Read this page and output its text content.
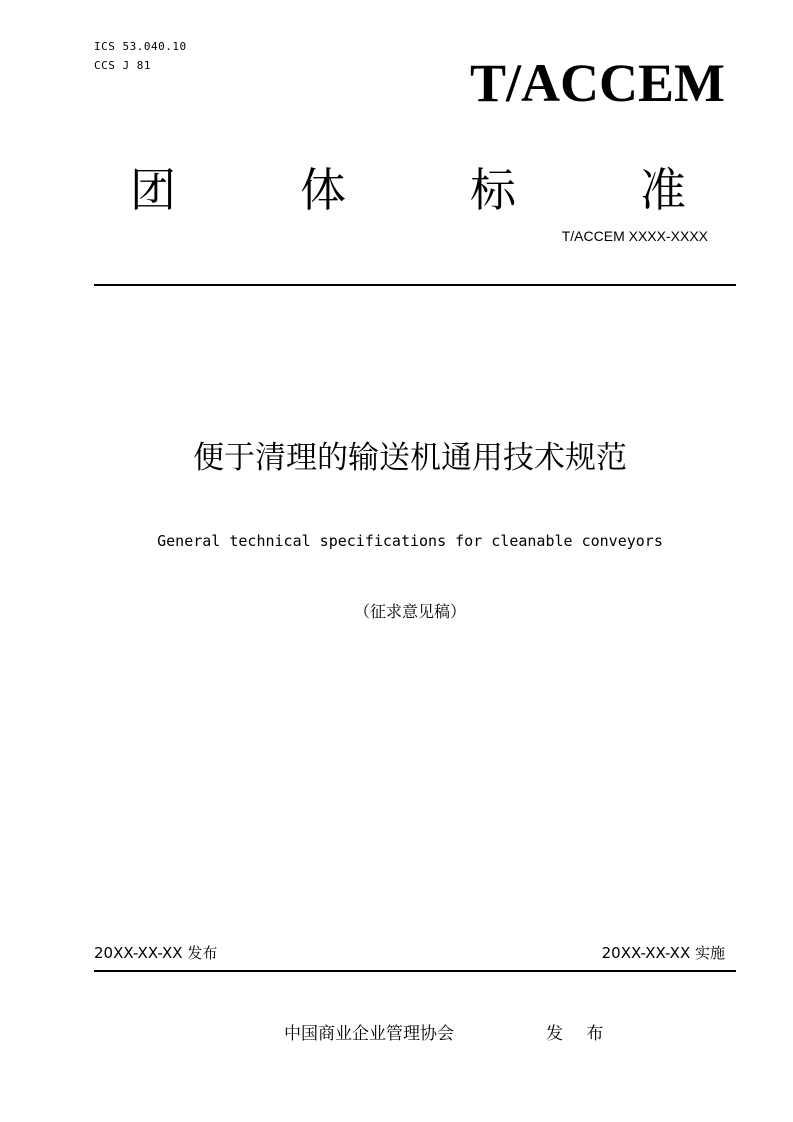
ICS 53.040.10
CCS J 81	T/ACCEM
团	体	标	准
T/ACCEM XXXX-XXXX
便于清理的输送机通用技术规范
General technical specifications for cleanable conveyors
（征求意见稿）
20XX-XX-XX 发布	20XX-XX-XX 实施
中国商业企业管理协会	发 布
